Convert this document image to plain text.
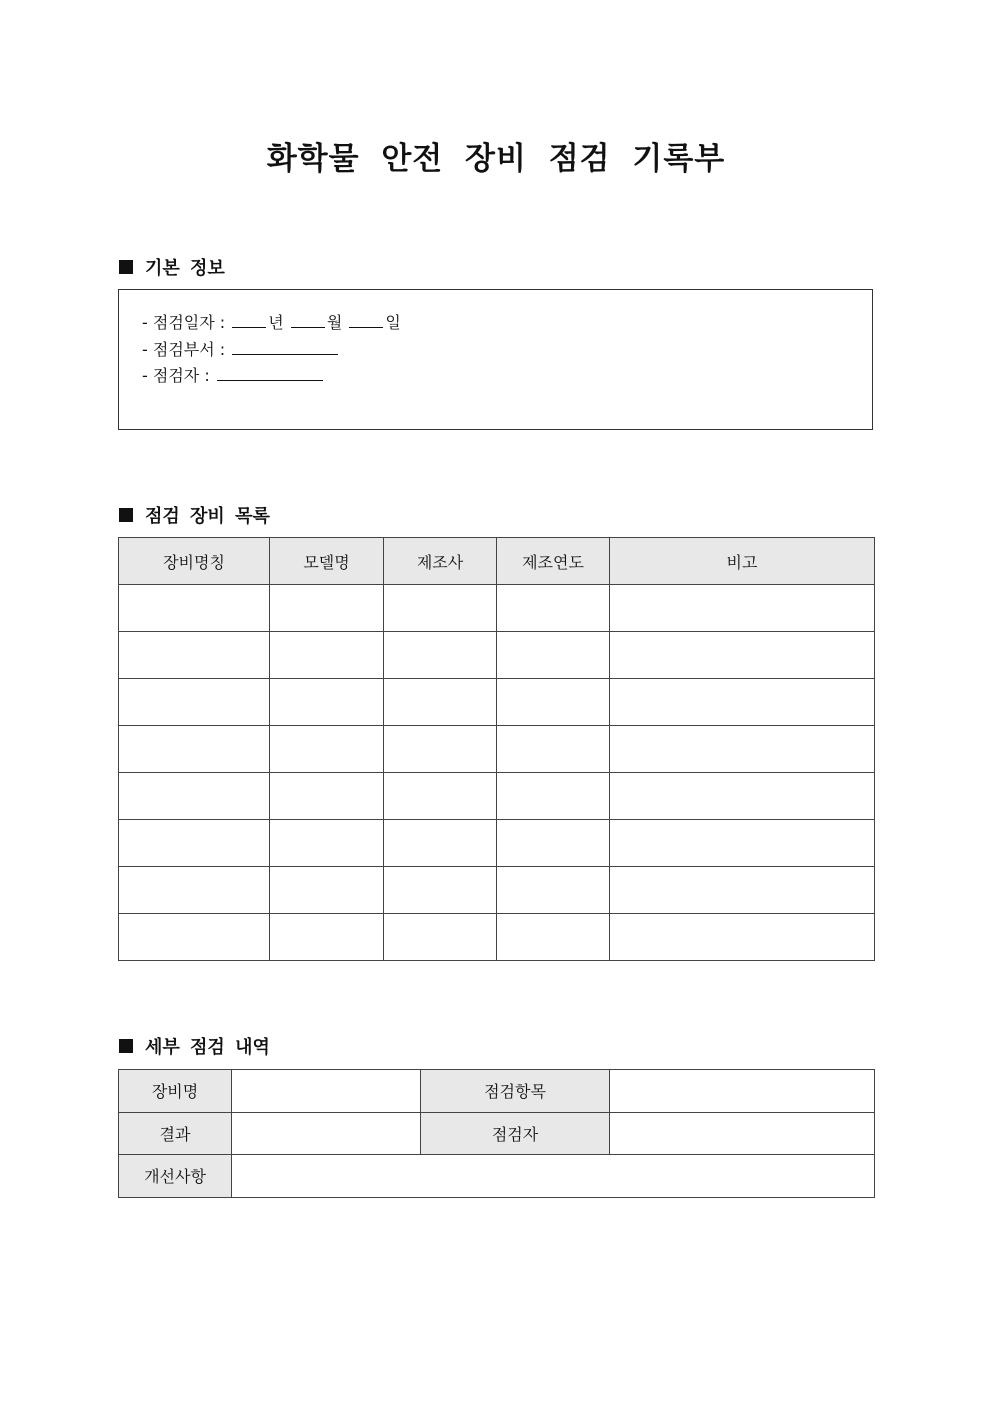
화학물 안전 장비 점검 기록부
기본 정보
- 점검일자 :	년	월	일
- 점검부서 :
- 점검자 :
점검 장비 목록
장비명칭	모델명	제조사	제조연도	비고

세부 점검 내역
장비명		점검항목	
결과		점검자	
개선사항			
